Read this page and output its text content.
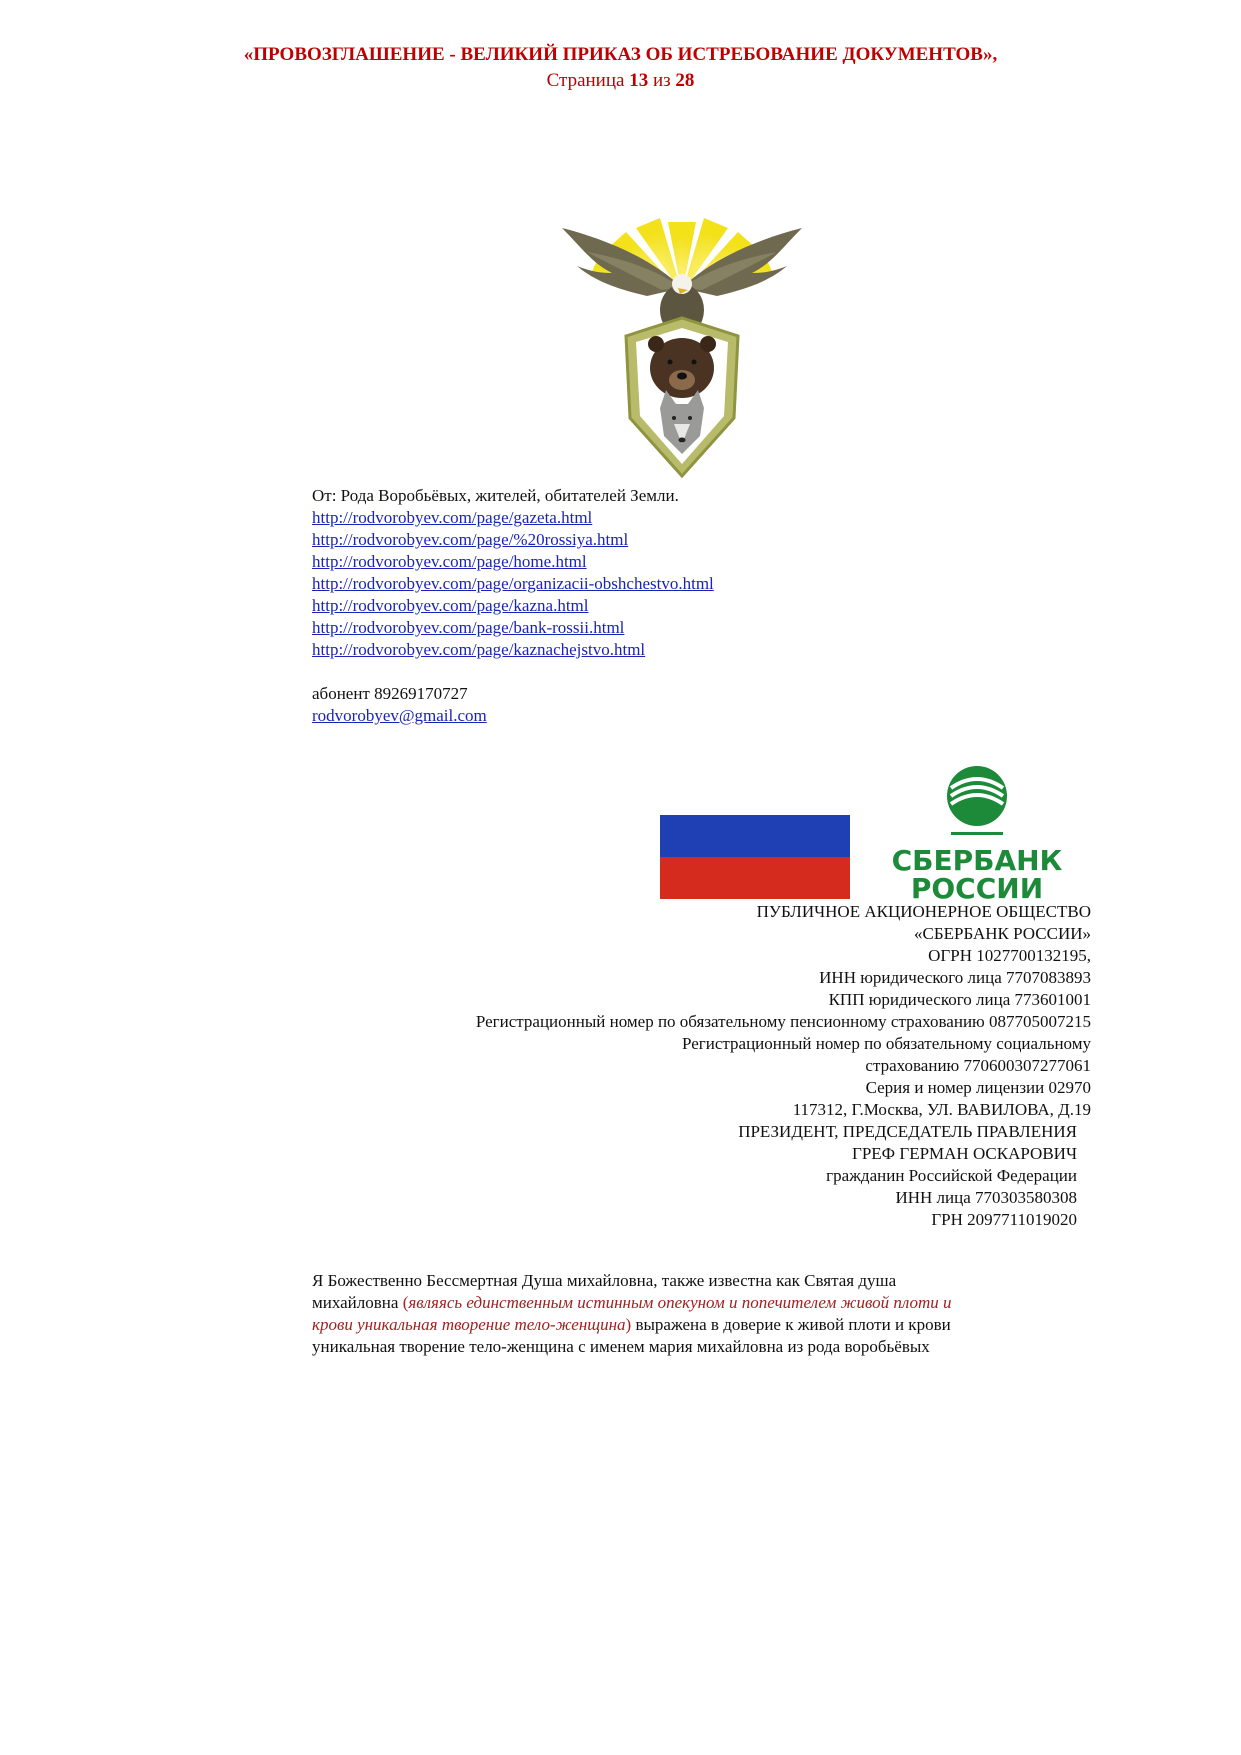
«ПРОВОЗГЛАШЕНИЕ - ВЕЛИКИЙ ПРИКАЗ ОБ ИСТРЕБОВАНИЕ ДОКУМЕНТОВ»,
Страница 13 из 28
От: Рода Воробьёвых, жителей, обитателей Земли.
http://rodvorobyev.com/page/gazeta.html
http://rodvorobyev.com/page/%20rossiya.html
http://rodvorobyev.com/page/home.html
http://rodvorobyev.com/page/organizacii-obshchestvo.html
http://rodvorobyev.com/page/kazna.html
http://rodvorobyev.com/page/bank-rossii.html
http://rodvorobyev.com/page/kaznachejstvo.html
абонент 89269170727
rodvorobyev@gmail.com
СБЕРБАНК
РОССИИ
ПУБЛИЧНОЕ АКЦИОНЕРНОЕ ОБЩЕСТВО
«СБЕРБАНК РОССИИ»
ОГРН 1027700132195,
ИНН юридического лица 7707083893
КПП юридического лица 773601001
Регистрационный номер по обязательному пенсионному страхованию 087705007215
Регистрационный номер по обязательному социальному
страхованию 770600307277061
Серия и номер лицензии 02970
117312, Г.Москва, УЛ. ВАВИЛОВА, Д.19
ПРЕЗИДЕНТ, ПРЕДСЕДАТЕЛЬ ПРАВЛЕНИЯ
ГРЕФ ГЕРМАН ОСКАРОВИЧ
гражданин Российской Федерации
ИНН лица 770303580308
ГРН 2097711019020
Я Божественно Бессмертная Душа михайловна, также известна как Святая душа
михайловна (являясь единственным истинным опекуном и попечителем живой плоти и
крови уникальная творение тело-женщина) выражена в доверие к живой плоти и крови
уникальная творение тело-женщина с именем мария михайловна из рода воробьёвых
